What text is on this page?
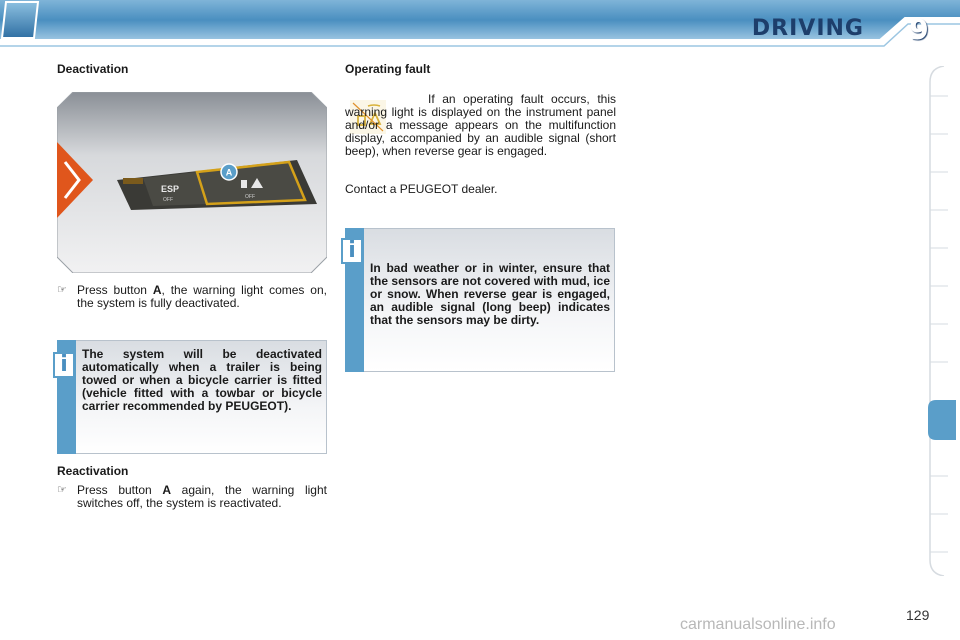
DRIVING	9
Deactivation
ESP
OFF	OFF
A
☞ Press button A, the warning light comes on, the system is fully deactivated.
i	The system will be deactivated automatically when a trailer is being towed or when a bicycle carrier is fitted (vehicle fitted with a towbar or bicycle carrier recommended by PEUGEOT).
Reactivation
☞ Press button A again, the warning light switches off, the system is reactivated.
Operating fault
If an operating fault occurs, this warning light is displayed on the instrument panel and/or a message appears on the multifunction display, accompanied by an audible signal (short beep), when reverse gear is engaged.
Contact a PEUGEOT dealer.
i
In bad weather or in winter, ensure that the sensors are not covered with mud, ice or snow. When reverse gear is engaged, an audible signal (long beep) indicates that the sensors may be dirty.
129
carmanualsonline.info
